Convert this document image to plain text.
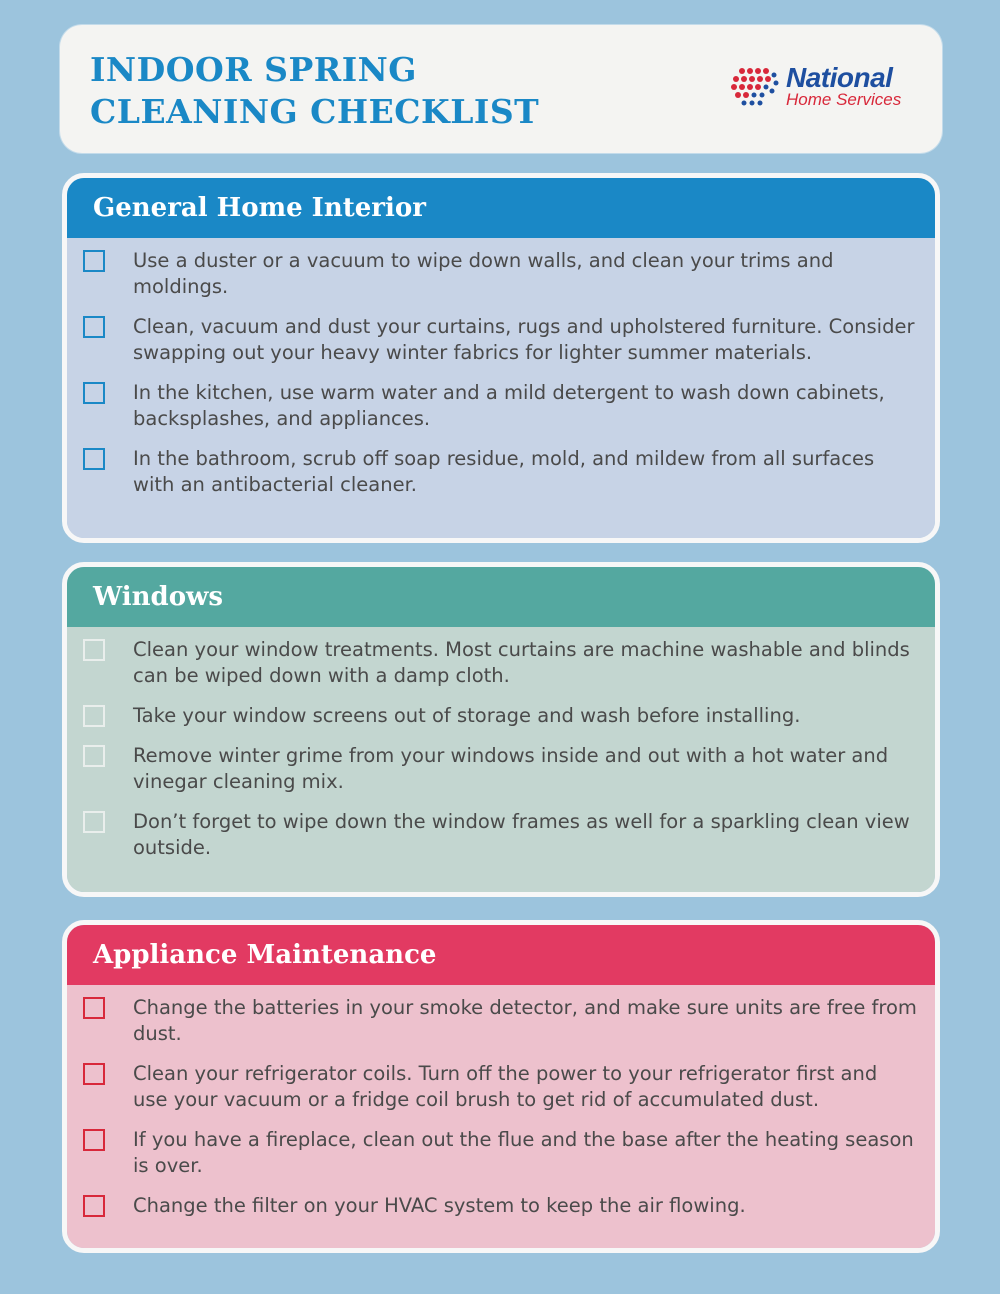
INDOOR SPRING
CLEANING CHECKLIST
National
Home Services
General Home Interior
Use a duster or a vacuum to wipe down walls, and clean your trims and moldings.
Clean, vacuum and dust your curtains, rugs and upholstered furniture. Consider swapping out your heavy winter fabrics for lighter summer materials.
In the kitchen, use warm water and a mild detergent to wash down cabinets, backsplashes, and appliances.
In the bathroom, scrub off soap residue, mold, and mildew from all surfaces with an antibacterial cleaner.
Windows
Clean your window treatments. Most curtains are machine washable and blinds can be wiped down with a damp cloth.
Take your window screens out of storage and wash before installing.
Remove winter grime from your windows inside and out with a hot water and vinegar cleaning mix.
Don’t forget to wipe down the window frames as well for a sparkling clean view outside.
Appliance Maintenance
Change the batteries in your smoke detector, and make sure units are free from dust.
Clean your refrigerator coils. Turn off the power to your refrigerator first and use your vacuum or a fridge coil brush to get rid of accumulated dust.
If you have a fireplace, clean out the flue and the base after the heating season is over.
Change the filter on your HVAC system to keep the air flowing.
